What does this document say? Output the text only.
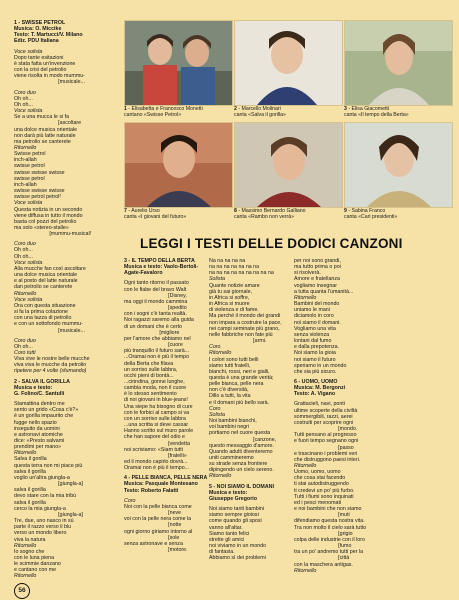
1 - SWISSE PETROL

Musica: O. Miccike

Testo: T. Martucci/V. Milano

Ediz. PDU Italiana

Voce solista

Dopo tante esitazioni

è stata fatta un'invenzione

con la crisi del petrolio

viene risolta in modo mummu-

[musicale...

Coro duo

Oh oh...

Oh oh...

Voce solista

Se a una mucca le si fa

[ascoltare

una dolce musica orientale

non darà più latte naturale

ma petrolio se canterete

Ritornello

Swisse petrol

inch-allah

swisse petrol

swisse swisse swisse

swisse petrol

inch-allah

swisse swisse swisse

swisse petrol petrol!

Voce solista

Questa notizia in un secondo

viene diffusa in tutto il mondo

basta col pozzi del petrolio

ma solo «stereo-stalle»

[mummu-musical!

Coro duo

Oh oh...

Oh oh...

Voce solista

Alla mucche fan così ascoltare

una dolce musica orientale

e al posto del latte naturale

dan petrolio se canterete

Ritornello

Voce solista

Ora con questa situazione

si fa la prima colazione

con una tazza di petrolio

e con un sottofondo mummu-

[musicale...

Coro duo

Oh oh...

Coro tutti

Viva vive le nostre belle mucche

viva viva le mucche da petrolio

ripetere per 4 volte (sfumando)

2 - SALVA IL GORILLA

Musica e testo:

G. Folino/C. Santulli

Stamattina dentro me

sento un grido «Cosa c'è?»

è un gorilla impaurito che

fugge nello spazio

inseguito da uomini

e astronavi atomiche

dice: «Presto salvami

prendimi per mano»

Ritornello

Salva il gorilla

questa terra non mi piace più

salva il gorilla

voglio un'altra giungla-a

[giungla-a]

salva il gorilla

devo stare con la mia tribù

salva il gorilla

cerco la mia giungla-a

[giungla-a]

Tre, due, uno nasco in sù

parte il razzo verso il blu

verso un mondo libero

viva la natura

Ritornello

Io sogno che

con le luna piena

le scimmie danzano

e cantano con me

Ritornello

1 - Elisabetta e Francesco Monetti

cantano «Swisse Petrol»

2 - Marcello Molinari

canta «Salva il gorilla»

3 - Elisa Giacometti

canta «Il tempo della Berta»

7 - Aurelio Urso

canta «I giovani del futuro»

8 - Massimo Bernardo Galliano

canta «Rambo non verrà»

9 - Sabina Franco

canta «Cari presidenti»

LEGGI I TESTI DELLE DODICI CANZONI

3 - IL TEMPO DELLA BERTA

Musica e testo: Vaolo-Bertoli-

Agate-Favaloro

Ogni tanto ritorno il passato

con le fiabe del bravo Walt

[Disney,

ma oggi il mondo cammina

[spedito

con i sogni c'è tanta realtà.

Noi ragazzi saremo alla guida

di un domani che è certo

[migliore

per l'amore che abbiamo nel

[cuore

più tranquillo il futuro sarà...

...Oramai non è più il tempo

della Berta che filava

un sorriso sulle labbra,

occhi pieni di bontà...

...cirindina, gonne lunghe,

cambia moda, non il cuore

è lo stesso sentimento

di noi giovani in blue-jeans!

Una siepe ha bisogno di cure

con le forbici al campo si va

con un sorriso sulle labbra

...una scritta si deve cassar

Hanno scritto sul muro parole

che han sapore del odio e

[vendetta

noi scriviamo: «Siam tutti

[fratelli»

ed il mondo capirlo dovrà...

Oramai non è più il tempo...

4 - PELLE BIANCA, PELLE NERA

Musica: Pasquale Montesano

Testo: Roberto Falatti

Coro

Noi con la pelle bianca come

[neve

voi con la pelle nera come la

[notte

ogni giorno giriamo intorno al

[sole

senza astronave e senza

[motore.

Na na na na na

na na na na na na na

na na na na na na na na na

Solista

Quante notizie amare

già tu sai giornale,

in Africa si soffre,

in Africa si muore

di violenza e di fame.

Ma perché il mondo dei grandi

non impara a costruire la pace,

nei campi seminate più grano,

nelle fabbriche non fate più

[armi.

Coro

Ritornello

I colori sono tutti belli

siamo tutti fratelli,

bianchi, rossi, neri e gialli,

questa è una grande verità;

pelle bianca, pelle nera

non c'è diversità,

Dillo a tutti, la vita

e il domani più bello sarà.

Coro

Solista

Noi bambini bianchi,

voi bambini negri

portiamo nel cuore questa

[canzone,

questo messaggio d'amore.

Quando adulti diventeremo

uniti cammineremo

su strade senza frontiere

dipingendo un cielo sereno.

Ritornello

5 - NOI SIAMO IL DOMANI

Musica e testo:

Giuseppe Gregorio

Noi siamo tanti bambini

siamo sempre gioiosi

come quando gli sposi

vanno all'altar.

Siamo tanto felici

strette gli amici

noi viviamo in un mondo

di fantasia.

Abbiamo sì dei problemi

per noi sono grandi,

ma tutto prima o poi

si risolverà.

Amore e fratellanza

vogliamo insegnar

a tutta quanta l'umanità...

Ritornello

Bambini del mondo

uniamo le mani

diciamolo in coro

noi siamo il domani.

Vogliamo una vita

senza violenza

lontani dal fumo

e dalla prepotenza.

Noi siamo la gioia

noi siamo il futuro

speriamo in un mondo

che sia più sicuro.

6 - UOMO, UOMO

Musica: M. Bergonzi

Testo: A. Vigano

Grattacieli, navi, ponti

ultime scoperte della civiltà

sommergibili, razzi, aerei

costruiti per scoprire ogni

[mondo.

Tutti pensano al progresso

e fuori tempo segnano ogni

[passo

e trascinano i problemi veri

che distruggono paesi interi.

Ritornello

Uomo, uomo, uomo

che cosa stai facendo

ti stai autodistruggendo

ti credevi un po' più furbo.

Tutti i fiumi sono inquinati

ed i pesci menomati

e noi bambini che non siamo

[muti

difendiamo questa nostra vita.

Tra non molto il cielo sarà tutto

[grigio

colpa delle industrie con il loro

[fumo

tra un po' andremo tutti per la

[città

con la maschera antigas.

Ritornello

56
